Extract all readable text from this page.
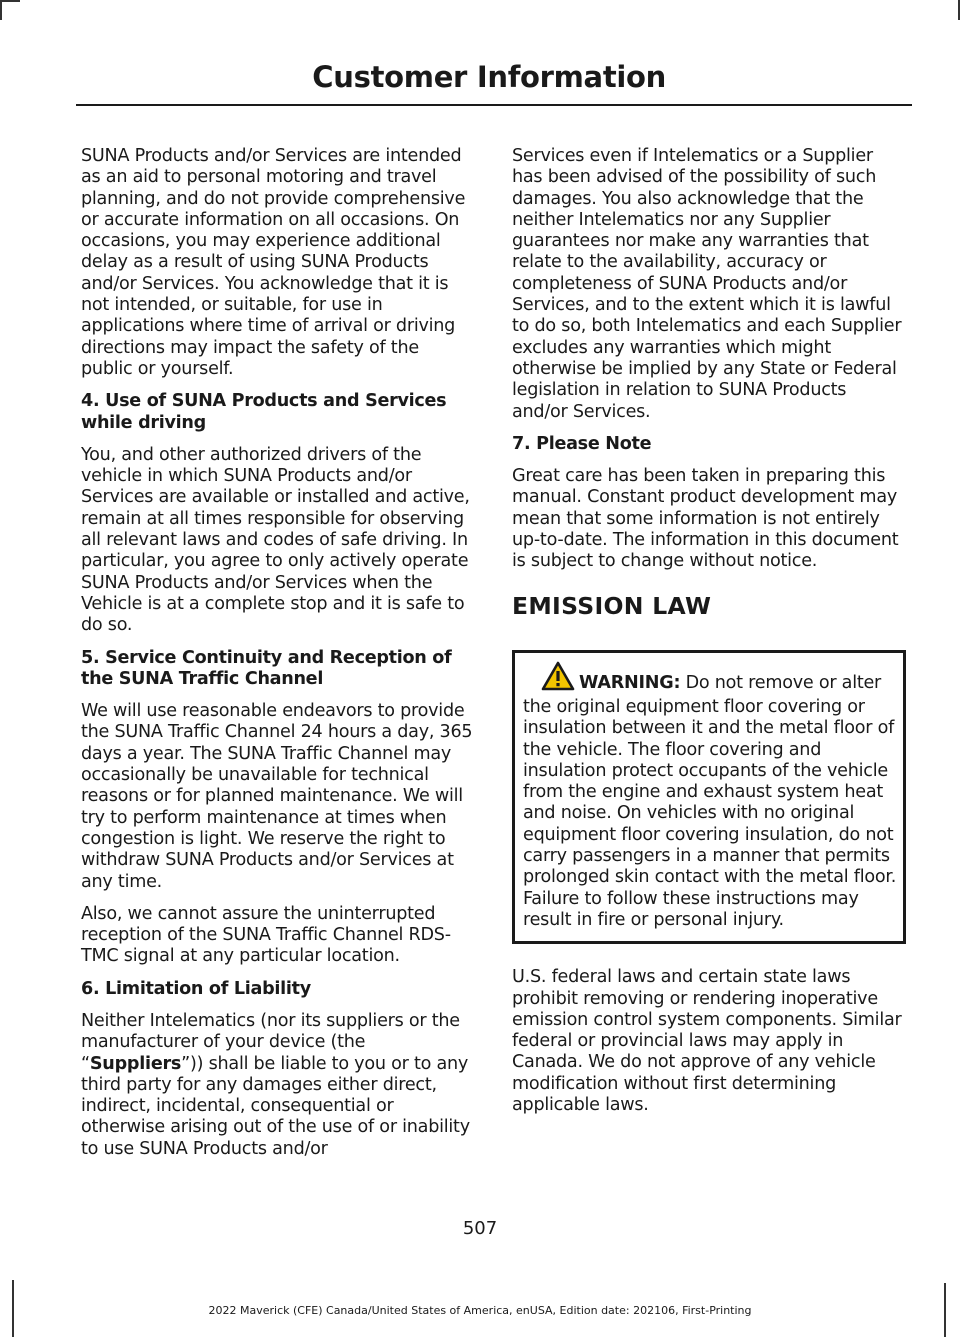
Customer Information

SUNA Products and/or Services are intended as an aid to personal motoring and travel planning, and do not provide comprehensive or accurate information on all occasions. On occasions, you may experience additional delay as a result of using SUNA Products and/or Services. You acknowledge that it is not intended, or suitable, for use in applications where time of arrival or driving directions may impact the safety of the public or yourself.

4. Use of SUNA Products and Services while driving

You, and other authorized drivers of the vehicle in which SUNA Products and/or Services are available or installed and active, remain at all times responsible for observing all relevant laws and codes of safe driving. In particular, you agree to only actively operate SUNA Products and/or Services when the Vehicle is at a complete stop and it is safe to do so.

5. Service Continuity and Reception of the SUNA Traffic Channel

We will use reasonable endeavors to provide the SUNA Traffic Channel 24 hours a day, 365 days a year. The SUNA Traffic Channel may occasionally be unavailable for technical reasons or for planned maintenance. We will try to perform maintenance at times when congestion is light. We reserve the right to withdraw SUNA Products and/or Services at any time.

Also, we cannot assure the uninterrupted reception of the SUNA Traffic Channel RDS-TMC signal at any particular location.

6. Limitation of Liability

Neither Intelematics (nor its suppliers or the manufacturer of your device (the “Suppliers”)) shall be liable to you or to any third party for any damages either direct, indirect, incidental, consequential or otherwise arising out of the use of or inability to use SUNA Products and/or

Services even if Intelematics or a Supplier has been advised of the possibility of such damages. You also acknowledge that the neither Intelematics nor any Supplier guarantees nor make any warranties that relate to the availability, accuracy or completeness of SUNA Products and/or Services, and to the extent which it is lawful to do so, both Intelematics and each Supplier excludes any warranties which might otherwise be implied by any State or Federal legislation in relation to SUNA Products and/or Services.

7. Please Note

Great care has been taken in preparing this manual. Constant product development may mean that some information is not entirely up-to-date. The information in this document is subject to change without notice.

EMISSION LAW
WARNING: Do not remove or alter the original equipment floor covering or insulation between it and the metal floor of the vehicle. The floor covering and insulation protect occupants of the vehicle from the engine and exhaust system heat and noise. On vehicles with no original equipment floor covering insulation, do not carry passengers in a manner that permits prolonged skin contact with the metal floor. Failure to follow these instructions may result in fire or personal injury.

U.S. federal laws and certain state laws prohibit removing or rendering inoperative emission control system components. Similar federal or provincial laws may apply in Canada. We do not approve of any vehicle modification without first determining applicable laws.

507
2022 Maverick (CFE) Canada/United States of America, enUSA, Edition date: 202106, First-Printing
